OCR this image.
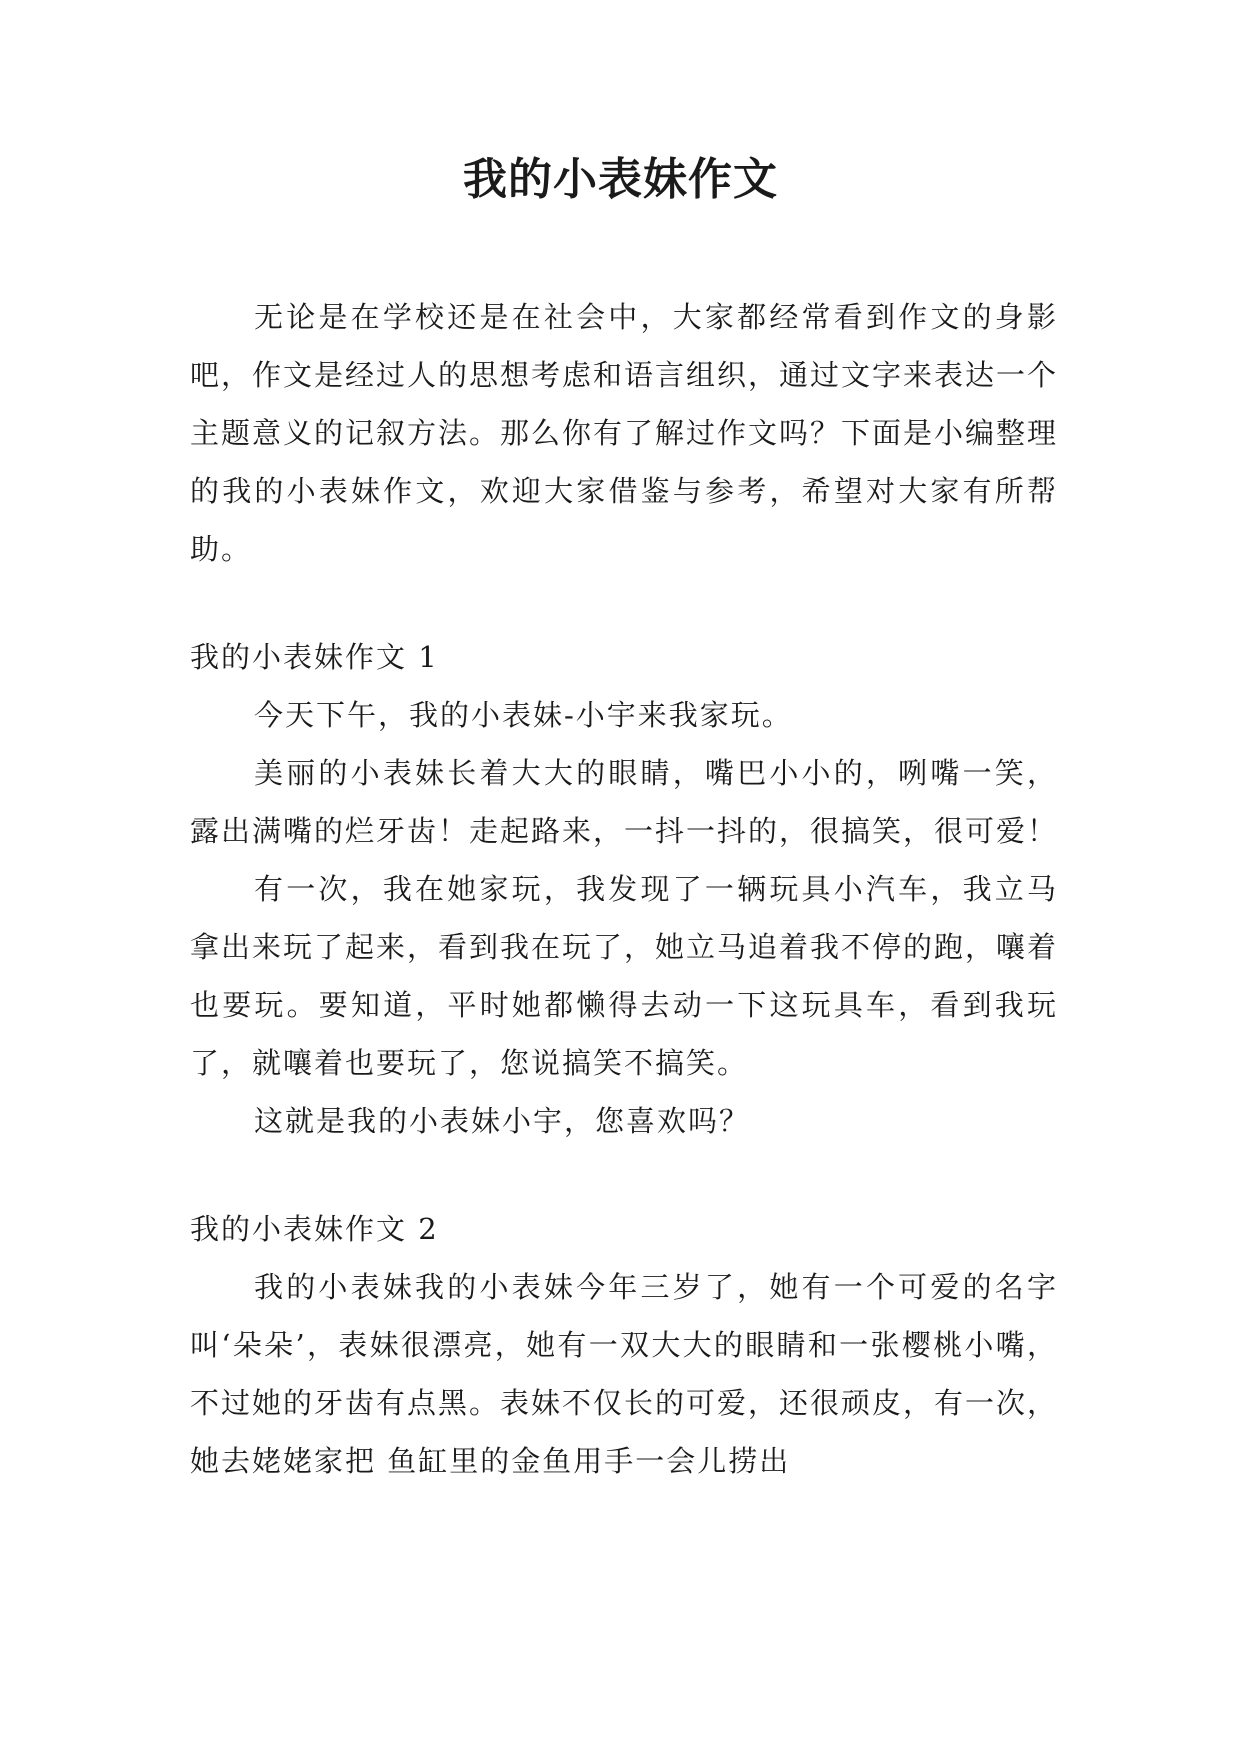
我的小表妹作文

无论是在学校还是在社会中，大家都经常看到作文的身影吧，作文是经过人的思想考虑和语言组织，通过文字来表达一个主题意义的记叙方法。那么你有了解过作文吗？下面是小编整理的我的小表妹作文，欢迎大家借鉴与参考，希望对大家有所帮助。

我的小表妹作文 1

今天下午，我的小表妹-小宇来我家玩。

美丽的小表妹长着大大的眼睛，嘴巴小小的，咧嘴一笑，露出满嘴的烂牙齿！走起路来，一抖一抖的，很搞笑，很可爱！

有一次，我在她家玩，我发现了一辆玩具小汽车，我立马拿出来玩了起来，看到我在玩了，她立马追着我不停的跑，嚷着也要玩。要知道，平时她都懒得去动一下这玩具车，看到我玩了，就嚷着也要玩了，您说搞笑不搞笑。

这就是我的小表妹小宇，您喜欢吗？

我的小表妹作文 2

我的小表妹我的小表妹今年三岁了，她有一个可爱的名字叫‘朵朵’，表妹很漂亮，她有一双大大的眼睛和一张樱桃小嘴，不过她的牙齿有点黑。表妹不仅长的可爱，还很顽皮，有一次，她去姥姥家把 鱼缸里的金鱼用手一会儿捞出
